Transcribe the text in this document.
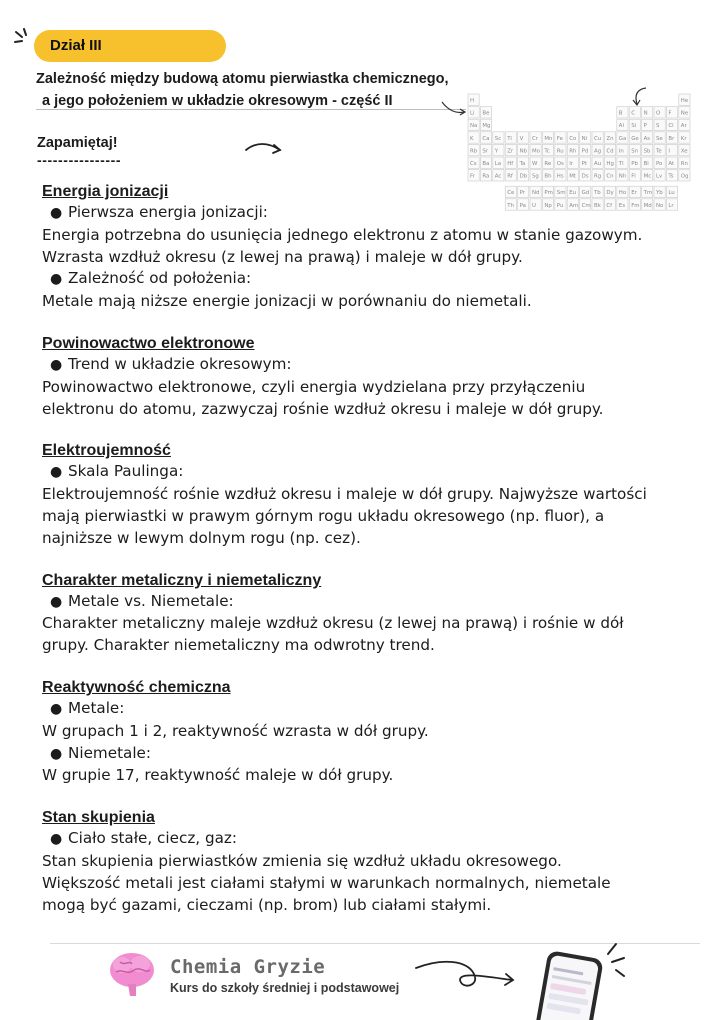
Dział III
Zależność między budową atomu pierwiastka chemicznego,
a jego położeniem w układzie okresowym - część II
Zapamiętaj!
----------------
H	He
Li Be	B C N O F Ne
Na Mg	Al Si P S Cl Ar
K Ca Sc Ti V Cr Mn Fe Co Ni Cu Zn Ga Ge As Se Br Kr
Rb Sr Y Zr Nb Mo Tc Ru Rh Pd Ag Cd In Sn Sb Te I Xe
Cs Ba La Hf Ta W Re Os Ir Pt Au Hg Tl Pb Bi Po At Rn
Fr Ra Ac Rf Db Sg Bh Hs Mt Ds Rg Cn Nh Fl Mc Lv Ts Og
Ce Pr Nd Pm Sm Eu Gd Tb Dy Ho Er Tm Yb Lu
Th Pa U Np Pu Am Cm Bk Cf Es Fm Md No Lr
Energia jonizacji
● Pierwsza energia jonizacji:
Energia potrzebna do usunięcia jednego elektronu z atomu w stanie gazowym.
Wzrasta wzdłuż okresu (z lewej na prawą) i maleje w dół grupy.
● Zależność od położenia:
Metale mają niższe energie jonizacji w porównaniu do niemetali.
Powinowactwo elektronowe
● Trend w układzie okresowym:
Powinowactwo elektronowe, czyli energia wydzielana przy przyłączeniu
elektronu do atomu, zazwyczaj rośnie wzdłuż okresu i maleje w dół grupy.
Elektroujemność
● Skala Paulinga:
Elektroujemność rośnie wzdłuż okresu i maleje w dół grupy. Najwyższe wartości
mają pierwiastki w prawym górnym rogu układu okresowego (np. fluor), a
najniższe w lewym dolnym rogu (np. cez).
Charakter metaliczny i niemetaliczny
● Metale vs. Niemetale:
Charakter metaliczny maleje wzdłuż okresu (z lewej na prawą) i rośnie w dół
grupy. Charakter niemetaliczny ma odwrotny trend.
Reaktywność chemiczna
● Metale:
W grupach 1 i 2, reaktywność wzrasta w dół grupy.
● Niemetale:
W grupie 17, reaktywność maleje w dół grupy.
Stan skupienia
● Ciało stałe, ciecz, gaz:
Stan skupienia pierwiastków zmienia się wzdłuż układu okresowego.
Większość metali jest ciałami stałymi w warunkach normalnych, niemetale
mogą być gazami, cieczami (np. brom) lub ciałami stałymi.
Chemia Gryzie
Kurs do szkoły średniej i podstawowej
